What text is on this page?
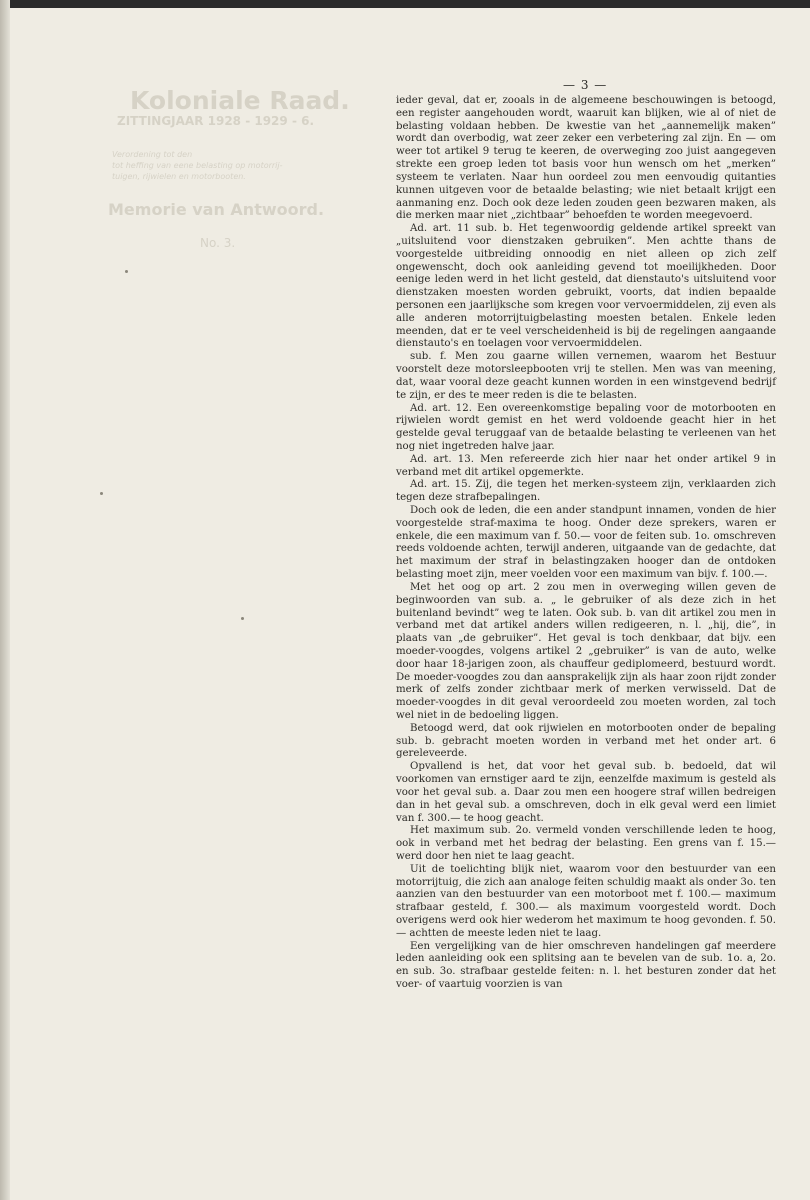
Koloniale Raad.
ZITTINGJAAR 1928 - 1929 - 6.
Verordening tot den
tot heffing van eene belasting op motorrij-
tuigen, rijwielen en motorbooten.
Memorie van Antwoord.
No. 3.
— 3 —

ieder geval, dat er, zooals in de algemeene beschouwingen is betoogd, een register aangehouden wordt, waaruit kan blijken, wie al of niet de belasting voldaan hebben. De kwestie van het „aannemelijk maken” wordt dan overbodig, wat zeer zeker een verbetering zal zijn. En — om weer tot artikel 9 terug te keeren, de overweging zoo juist aangegeven strekte een groep leden tot basis voor hun wensch om het „merken” systeem te verlaten. Naar hun oordeel zou men eenvoudig quitanties kunnen uitgeven voor de betaalde belasting; wie niet betaalt krijgt een aanmaning enz. Doch ook deze leden zouden geen bezwaren maken, als die merken maar niet „zichtbaar” behoefden te worden meegevoerd.

Ad. art. 11 sub. b. Het tegenwoordig geldende artikel spreekt van „uitsluitend voor dienstzaken gebruiken”. Men achtte thans de voorgestelde uitbreiding onnoodig en niet alleen op zich zelf ongewenscht, doch ook aanleiding gevend tot moeilijkheden. Door eenige leden werd in het licht gesteld, dat dienstauto's uitsluitend voor dienstzaken moesten worden gebruikt, voorts, dat indien bepaalde personen een jaarlijksche som kregen voor vervoermiddelen, zij even als alle anderen motorrijtuigbelasting moesten betalen. Enkele leden meenden, dat er te veel verscheidenheid is bij de regelingen aangaande dienstauto's en toelagen voor vervoermiddelen.

sub. f. Men zou gaarne willen vernemen, waarom het Bestuur voorstelt deze motorsleepbooten vrij te stellen. Men was van meening, dat, waar vooral deze geacht kunnen worden in een winstgevend bedrijf te zijn, er des te meer reden is die te belasten.

Ad. art. 12. Een overeenkomstige bepaling voor de motorbooten en rijwielen wordt gemist en het werd voldoende geacht hier in het gestelde geval teruggaaf van de betaalde belasting te verleenen van het nog niet ingetreden halve jaar.

Ad. art. 13. Men refereerde zich hier naar het onder artikel 9 in verband met dit artikel opgemerkte.

Ad. art. 15. Zij, die tegen het merken-systeem zijn, verklaarden zich tegen deze strafbepalingen.

Doch ook de leden, die een ander standpunt innamen, vonden de hier voorgestelde straf-maxima te hoog. Onder deze sprekers, waren er enkele, die een maximum van f. 50.— voor de feiten sub. 1o. omschreven reeds voldoende achten, terwijl anderen, uitgaande van de gedachte, dat het maximum der straf in belastingzaken hooger dan de ontdoken belasting moet zijn, meer voelden voor een maximum van bijv. f. 100.—.

Met het oog op art. 2 zou men in overweging willen geven de beginwoorden van sub. a. „ le gebruiker of als deze zich in het buitenland bevindt” weg te laten. Ook sub. b. van dit artikel zou men in verband met dat artikel anders willen redigeeren, n. l. „hij, die”, in plaats van „de gebruiker”. Het geval is toch denkbaar, dat bijv. een moeder-voogdes, volgens artikel 2 „gebruiker” is van de auto, welke door haar 18-jarigen zoon, als chauffeur gediplomeerd, bestuurd wordt. De moeder-voogdes zou dan aansprakelijk zijn als haar zoon rijdt zonder merk of zelfs zonder zichtbaar merk of merken verwisseld. Dat de moeder-voogdes in dit geval veroordeeld zou moeten worden, zal toch wel niet in de bedoeling liggen.

Betoogd werd, dat ook rijwielen en motorbooten onder de bepaling sub. b. gebracht moeten worden in verband met het onder art. 6 gereleveerde.

Opvallend is het, dat voor het geval sub. b. bedoeld, dat wil voorkomen van ernstiger aard te zijn, eenzelfde maximum is gesteld als voor het geval sub. a. Daar zou men een hoogere straf willen bedreigen dan in het geval sub. a omschreven, doch in elk geval werd een limiet van f. 300.— te hoog geacht.

Het maximum sub. 2o. vermeld vonden verschillende leden te hoog, ook in verband met het bedrag der belasting. Een grens van f. 15.— werd door hen niet te laag geacht.

Uit de toelichting blijk niet, waarom voor den bestuurder van een motorrijtuig, die zich aan analoge feiten schuldig maakt als onder 3o. ten aanzien van den bestuurder van een motorboot met f. 100.— maximum strafbaar gesteld, f. 300.— als maximum voorgesteld wordt. Doch overigens werd ook hier wederom het maximum te hoog gevonden. f. 50.— achtten de meeste leden niet te laag.

Een vergelijking van de hier omschreven handelingen gaf meerdere leden aanleiding ook een splitsing aan te bevelen van de sub. 1o. a, 2o. en sub. 3o. strafbaar gestelde feiten: n. l. het besturen zonder dat het voer- of vaartuig voorzien is van
